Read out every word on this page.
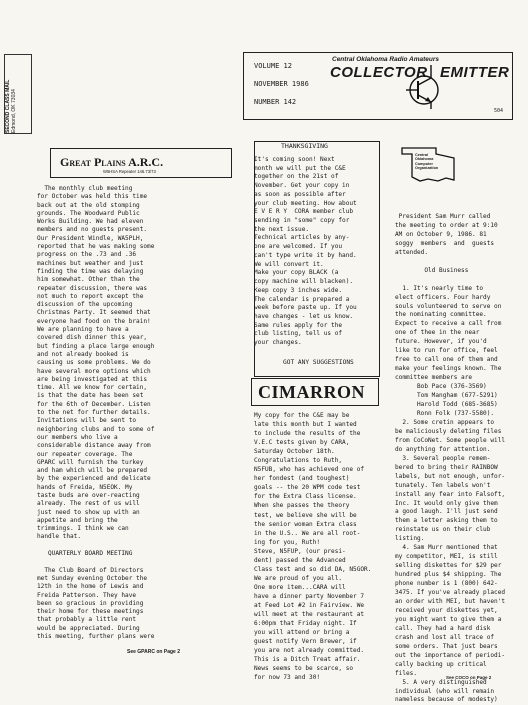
SECOND CLASS MAIL Edmond, OK 73034
VOLUME 12
NOVEMBER 1986
NUMBER 142
Central Oklahoma Radio Amateurs
COLLECTOR EMITTER
504
Great Plains A.R.C.
W5HSA Repeater 146.73/73
The monthly club meeting
for October was held this time
back out at the old stomping
grounds. The Woodward Public
Works Building. We had eleven
members and no guests present.
Our President Windle, WA5PLH,
reported that he was making some
progress on the .73 and .36
machines but weather and just
finding the time was delaying
him somewhat. Other than the
repeater discussion, there was
not much to report except the
discussion of the upcoming
Christmas Party. It seemed that
everyone had food on the brain!
We are planning to have a
covered dish dinner this year,
but finding a place large enough
and not already booked is
causing us some problems. We do
have several more options which
are being investigated at this
time. All we know for certain,
is that the date has been set
for the 6th of December. Listen
to the net for further details.
Invitations will be sent to
neighboring clubs and to some of
our members who live a
considerable distance away from
our repeater coverage. The
GPARC will furnish the turkey
and ham which will be prepared
by the experienced and delicate
hands of Freida, N5EOK. My
taste buds are over-reacting
already. The rest of us will
just need to show up with an
appetite and bring the
trimmings. I think we can
handle that.

QUARTERLY BOARD MEETING

The Club Board of Directors
met Sunday evening October the
12th in the home of Lewis and
Freida Patterson. They have
been so gracious in providing
their home for these meetings
that probably a little rent
would be appreciated. During
this meeting, further plans were
See GPARC on Page 2
THANKSGIVING
It's coming soon! Next
month we will put the C&E
together on the 21st of
November. Get your copy in
as soon as possible after
your club meeting. How about
E V E R Y  CORA member club
sending in "some" copy for
the next issue.
Technical articles by any-
one are welcomed. If you
can't type write it by hand.
We will convert it.
Make your copy BLACK (a
copy machine will blacken).
Keep copy 3 inches wide.
The calendar is prepared a
week before paste up. If you
have changes - let us know.
Same rules apply for the
club listing, tell us of
your changes.
GOT ANY SUGGESTIONS
CIMARRON
My copy for the C&E may be
late this month but I wanted
to include the results of the
V.E.C tests given by CARA,
Saturday October 18th.
Congratulations to Ruth,
N5FUB, who has achieved one of
her fondest (and toughest)
goals -- the 20 WPM code test
for the Extra Class license.
When she passes the theory
test, we believe she will be
the senior woman Extra class
in the U.S.. We are all root-
ing for you, Ruth!
Steve, N5FUP, (our presi-
dent) passed the Advanced
Class test and so did DA, N5GOR.
We are proud of you all.
One more item...CARA will
have a dinner party November 7
at Feed Lot #2 in Fairview. We
will meet at the restaurant at
6:00pm that Friday night. If
you will attend or bring a
guest notify Vern Brewer, if
you are not already committed.
This is a Ditch Treat affair.
News seems to be scarce, so
for now 73 and 30!
Central
Oklahoma
Computer
Organization
President Sam Murr called
the meeting to order at 9:10
AM on October 9, 1986. 81
soggy  members  and  guests
attended.

Old Business

1. It's nearly time to
elect officers. Four hardy
souls volunteered to serve on
the nominating committee.
Expect to receive a call from
one of thee in the near
future. However, if you'd
like to run for office, feel
free to call one of them and
make your feelings known. The
committee members are
Bob Pace (376-3569)
Tom Mangham (677-5291)
Harold Todd (685-3685)
Ronn Folk (737-5580).
2. Some cretin appears to
be maliciously deleting files
from CoCoNet. Some people will
do anything for attention.
3. Several people remem-
bered to bring their RAINBOW
labels, but not enough, unfor-
tunately. Ten labels won't
install any fear into Falsoft,
Inc. It would only give them
a good laugh. I'll just send
them a letter asking them to
reinstate us on their club
listing.
4. Sam Murr mentioned that
my competitor, MEI, is still
selling diskettes for $29 per
hundred plus $4 shipping. The
phone number is 1 (800) 642-
3475. If you've already placed
an order with MEI, but haven't
received your diskettes yet,
you might want to give them a
call. They had a hard disk
crash and lost all trace of
some orders. That just bears
out the importance of periodi-
cally backing up critical
files.
5. A very distinguished
individual (who will remain
nameless because of modesty)
See COCO on Page 2
